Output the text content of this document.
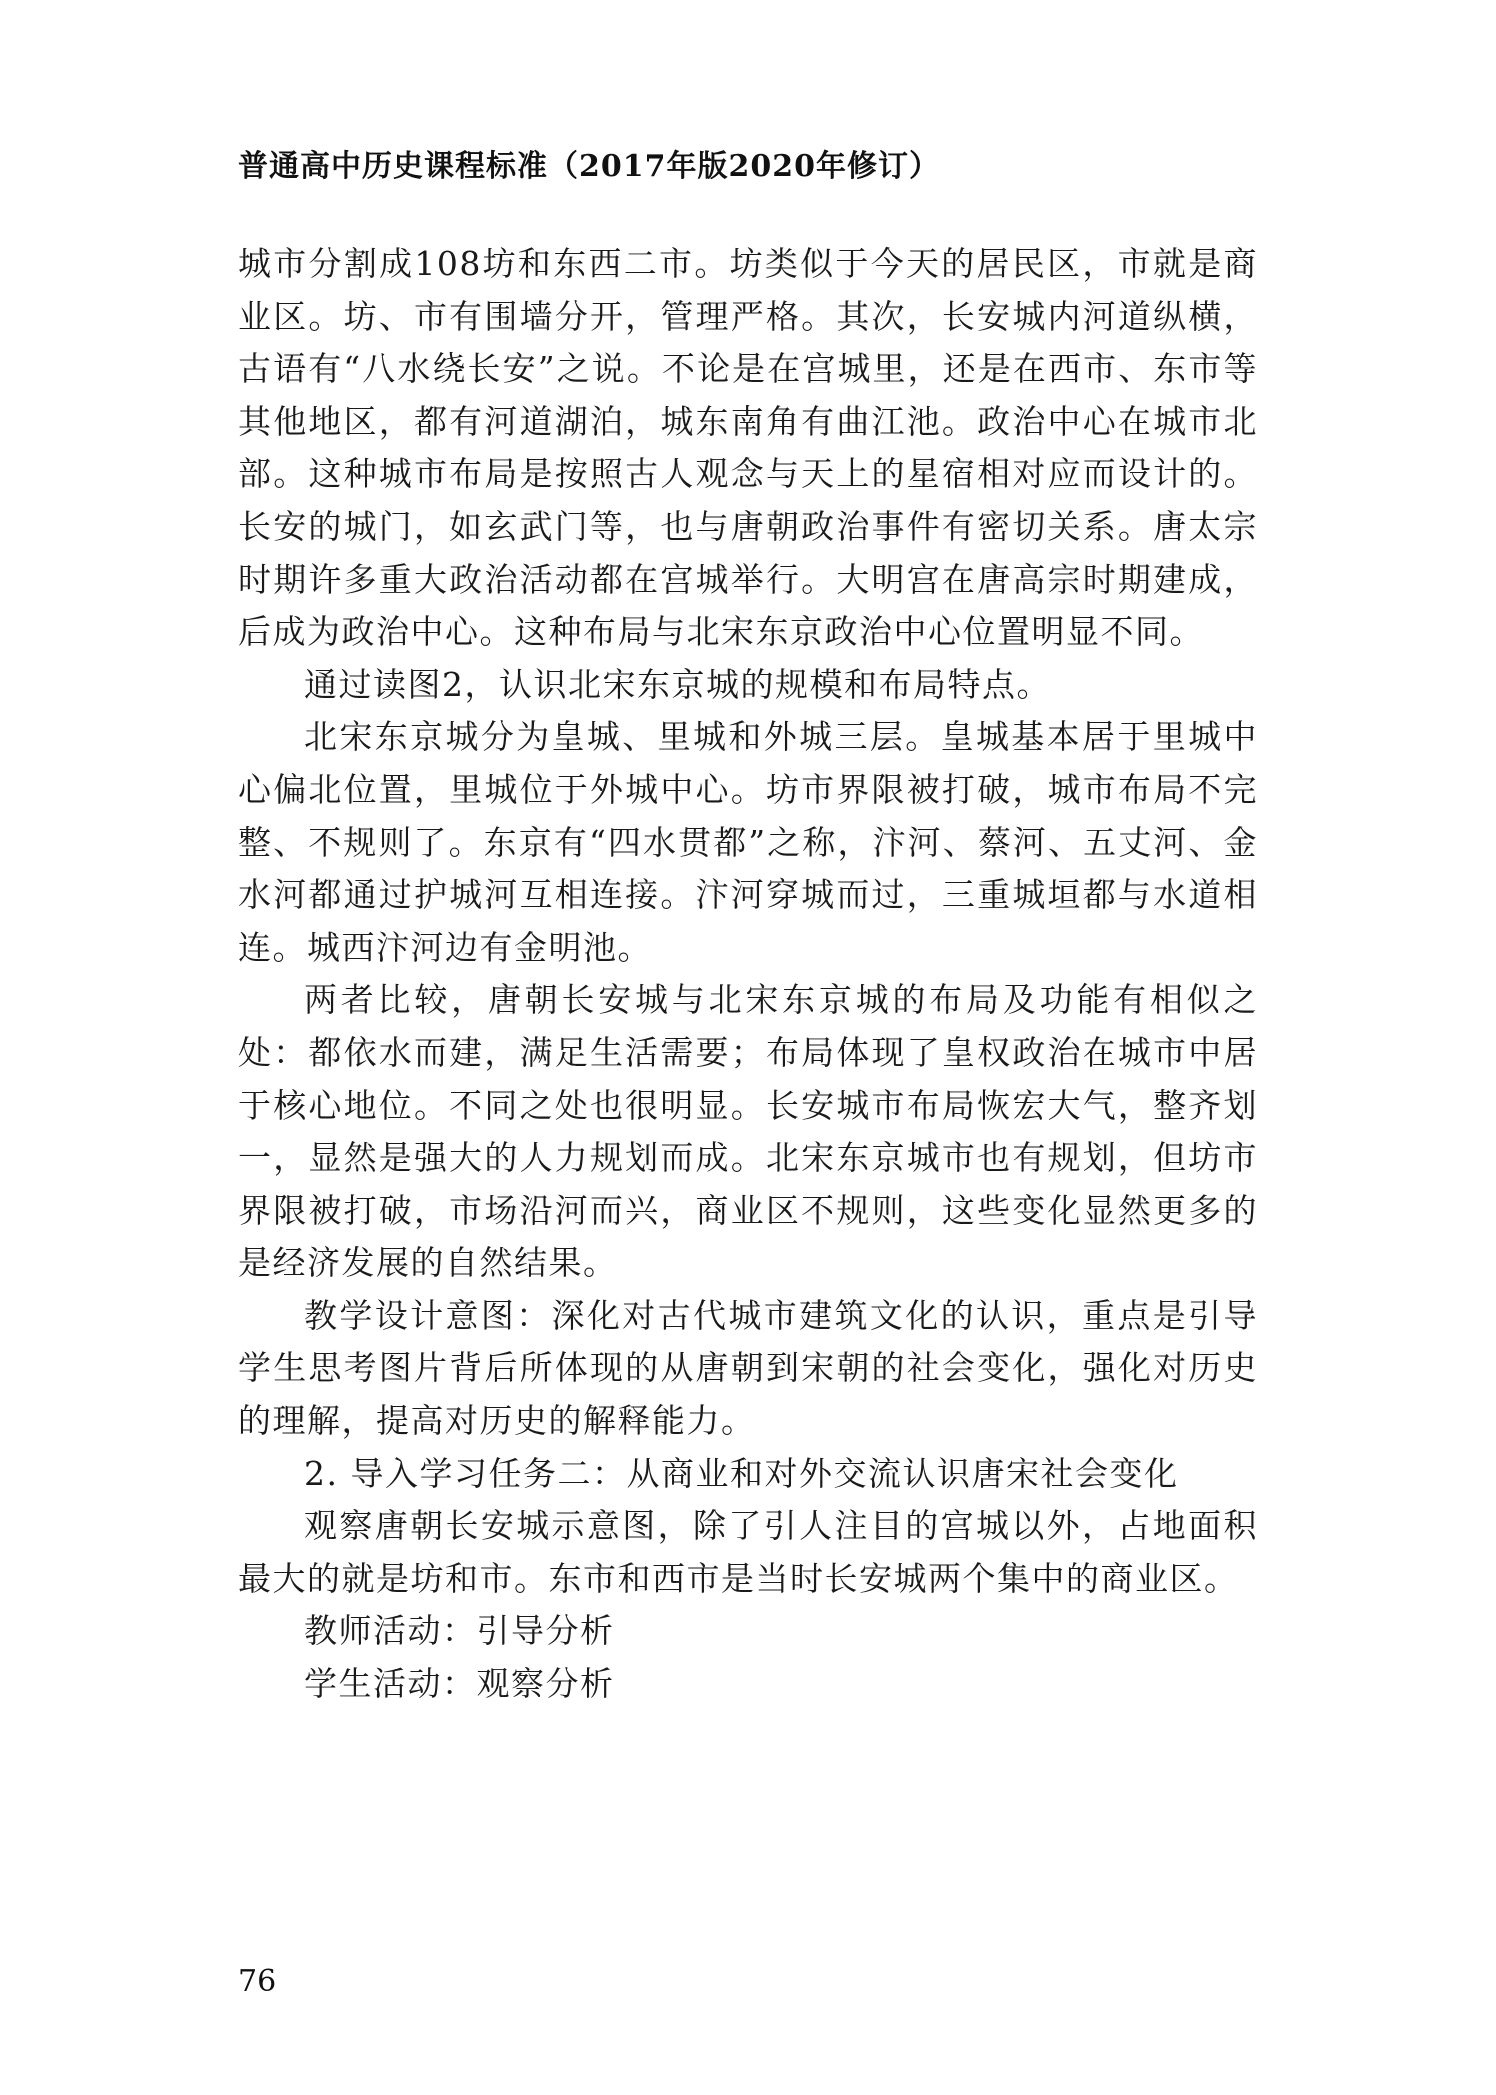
普通高中历史课程标准（2017年版2020年修订）

城市分割成108坊和东西二市。坊类似于今天的居民区，市就是商业区。坊、市有围墙分开，管理严格。其次，长安城内河道纵横，古语有“八水绕长安”之说。不论是在宫城里，还是在西市、东市等其他地区，都有河道湖泊，城东南角有曲江池。政治中心在城市北部。这种城市布局是按照古人观念与天上的星宿相对应而设计的。长安的城门，如玄武门等，也与唐朝政治事件有密切关系。唐太宗时期许多重大政治活动都在宫城举行。大明宫在唐高宗时期建成，后成为政治中心。这种布局与北宋东京政治中心位置明显不同。

通过读图2，认识北宋东京城的规模和布局特点。

北宋东京城分为皇城、里城和外城三层。皇城基本居于里城中心偏北位置，里城位于外城中心。坊市界限被打破，城市布局不完整、不规则了。东京有“四水贯都”之称，汴河、蔡河、五丈河、金水河都通过护城河互相连接。汴河穿城而过，三重城垣都与水道相连。城西汴河边有金明池。

两者比较，唐朝长安城与北宋东京城的布局及功能有相似之处：都依水而建，满足生活需要；布局体现了皇权政治在城市中居于核心地位。不同之处也很明显。长安城市布局恢宏大气，整齐划一，显然是强大的人力规划而成。北宋东京城市也有规划，但坊市界限被打破，市场沿河而兴，商业区不规则，这些变化显然更多的是经济发展的自然结果。

教学设计意图：深化对古代城市建筑文化的认识，重点是引导学生思考图片背后所体现的从唐朝到宋朝的社会变化，强化对历史的理解，提高对历史的解释能力。

2. 导入学习任务二：从商业和对外交流认识唐宋社会变化

观察唐朝长安城示意图，除了引人注目的宫城以外，占地面积最大的就是坊和市。东市和西市是当时长安城两个集中的商业区。

教师活动：引导分析

学生活动：观察分析

76
